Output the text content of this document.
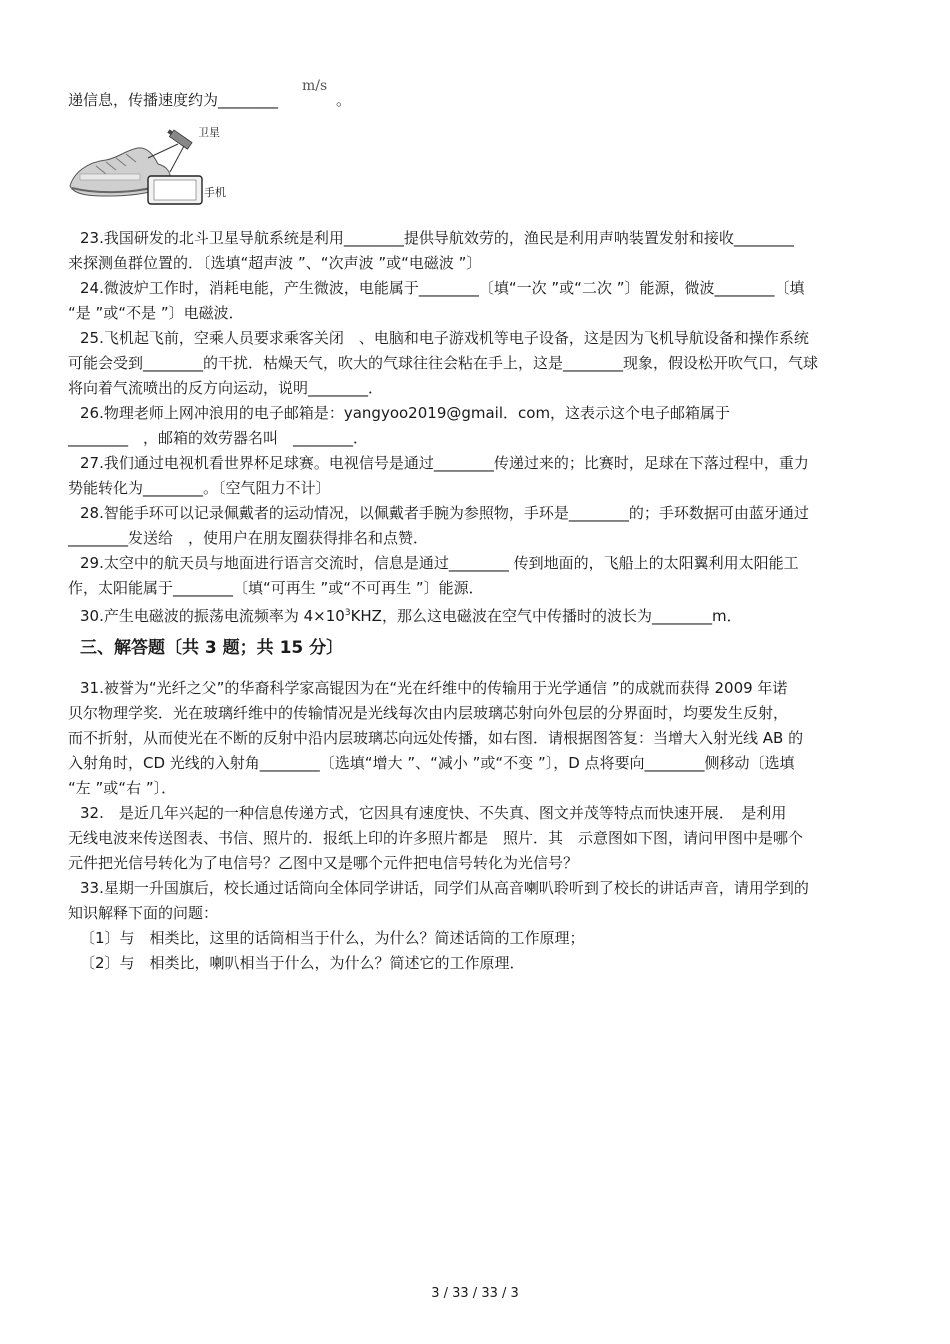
递信息，传播速度约为________
m/s
。
卫星
手机
23.我国研发的北斗卫星导航系统是利用________提供导航效劳的，渔民是利用声呐装置发射和接收________
来探测鱼群位置的．〔选填“超声波 ”、“次声波 ”或“电磁波 ”〕
24.微波炉工作时，消耗电能，产生微波，电能属于________〔填“一次 ”或“二次 ”〕能源，微波________〔填
“是 ”或“不是 ”〕电磁波．
25.飞机起飞前，空乘人员要求乘客关闭　、电脑和电子游戏机等电子设备，这是因为飞机导航设备和操作系统
可能会受到________的干扰．枯燥天气，吹大的气球往往会粘在手上，这是________现象，假设松开吹气口，气球
将向着气流喷出的反方向运动，说明________．
26.物理老师上网冲浪用的电子邮箱是：yangyoo2019@gmail．com，这表示这个电子邮箱属于
________　，邮箱的效劳器名叫　________．
27.我们通过电视机看世界杯足球赛。电视信号是通过________传递过来的；比赛时，足球在下落过程中，重力
势能转化为________。〔空气阻力不计〕
28.智能手环可以记录佩戴者的运动情况，以佩戴者手腕为参照物，手环是________的；手环数据可由蓝牙通过
________发送给　，使用户在朋友圈获得排名和点赞．
29.太空中的航天员与地面进行语言交流时，信息是通过________ 传到地面的，飞船上的太阳翼利用太阳能工
作，太阳能属于________〔填“可再生 ”或“不可再生 ”〕能源．
30.产生电磁波的振荡电流频率为 $4\times 10^3KHZ$，那么这电磁波在空气中传播时的波长为________m．
三、解答题〔共 3 题；共 15 分〕
31.被誉为“光纤之父”的华裔科学家高锟因为在“光在纤维中的传输用于光学通信 ”的成就而获得 2009 年诺
贝尔物理学奖．光在玻璃纤维中的传输情况是光线每次由内层玻璃芯射向外包层的分界面时，均要发生反射，
而不折射，从而使光在不断的反射中沿内层玻璃芯向远处传播，如右图．请根据图答复：当增大入射光线 AB 的
入射角时，CD 光线的入射角________〔选填“增大 ”、“减小 ”或“不变 ”〕，D 点将要向________侧移动〔选填
“左 ”或“右 ”〕．
32.　是近几年兴起的一种信息传递方式，它因具有速度快、不失真、图文并茂等特点而快速开展．　是利用
无线电波来传送图表、书信、照片的．报纸上印的许多照片都是　照片．其　示意图如下图，请问甲图中是哪个
元件把光信号转化为了电信号？乙图中又是哪个元件把电信号转化为光信号？
33.星期一升国旗后，校长通过话筒向全体同学讲话，同学们从高音喇叭聆听到了校长的讲话声音，请用学到的
知识解释下面的问题：
〔1〕与　相类比，这里的话筒相当于什么，为什么？简述话筒的工作原理；
〔2〕与　相类比，喇叭相当于什么，为什么？简述它的工作原理．
3 / 33 / 33 / 3
